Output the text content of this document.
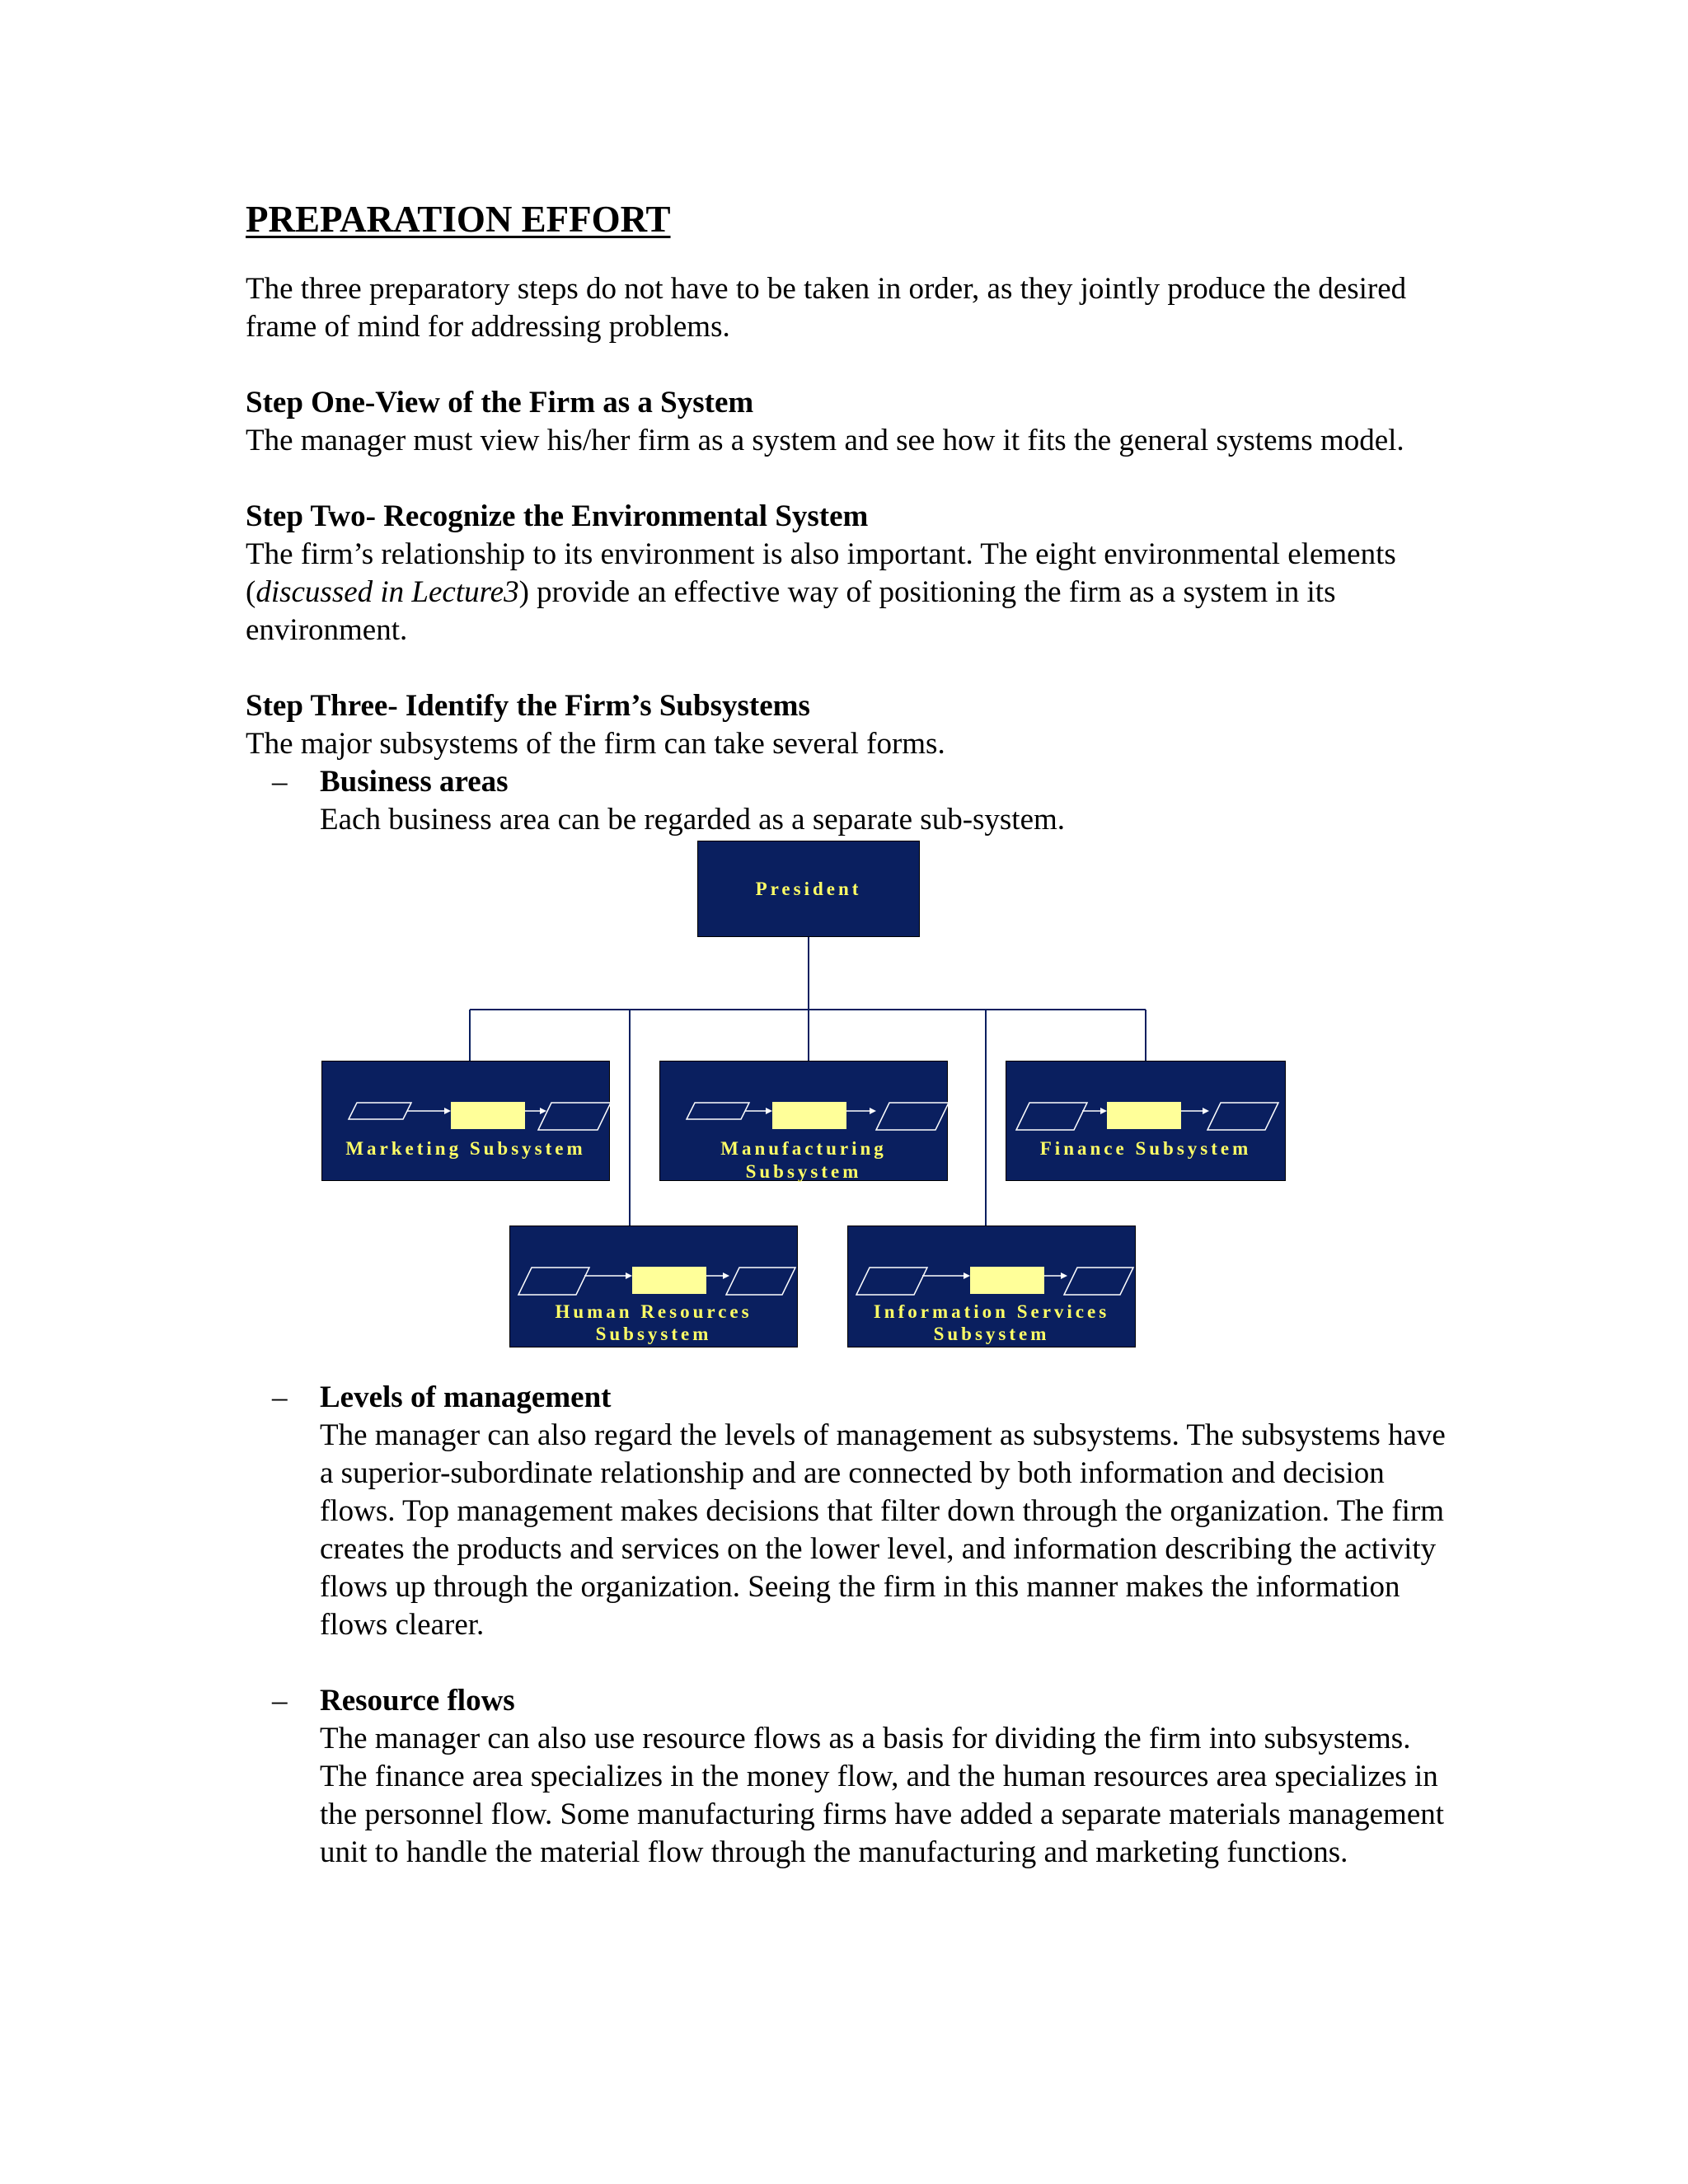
PREPARATION EFFORT

The three preparatory steps do not have to be taken in order, as they jointly produce the desired frame of mind for addressing problems.

Step One-View of the Firm as a System

The manager must view his/her firm as a system and see how it fits the general systems model.

Step Two- Recognize the Environmental System

The firm’s relationship to its environment is also important. The eight environmental elements (discussed in Lecture3) provide an effective way of positioning the firm as a system in its environment.

Step Three- Identify the Firm’s Subsystems

The major subsystems of the firm can take several forms.

– Business areas

Each business area can be regarded as a separate sub-system.

President
Marketing Subsystem	Manufacturing Subsystem
Finance Subsystem
Human Resources
Subsystem
Information Services
Subsystem
– Levels of management

The manager can also regard the levels of management as subsystems. The subsystems have a superior-subordinate relationship and are connected by both information and decision flows. Top management makes decisions that filter down through the organization. The firm creates the products and services on the lower level, and information describing the activity flows up through the organization. Seeing the firm in this manner makes the information flows clearer.

– Resource flows

The manager can also use resource flows as a basis for dividing the firm into subsystems. The finance area specializes in the money flow, and the human resources area specializes in the personnel flow. Some manufacturing firms have added a separate materials management unit to handle the material flow through the manufacturing and marketing functions.
